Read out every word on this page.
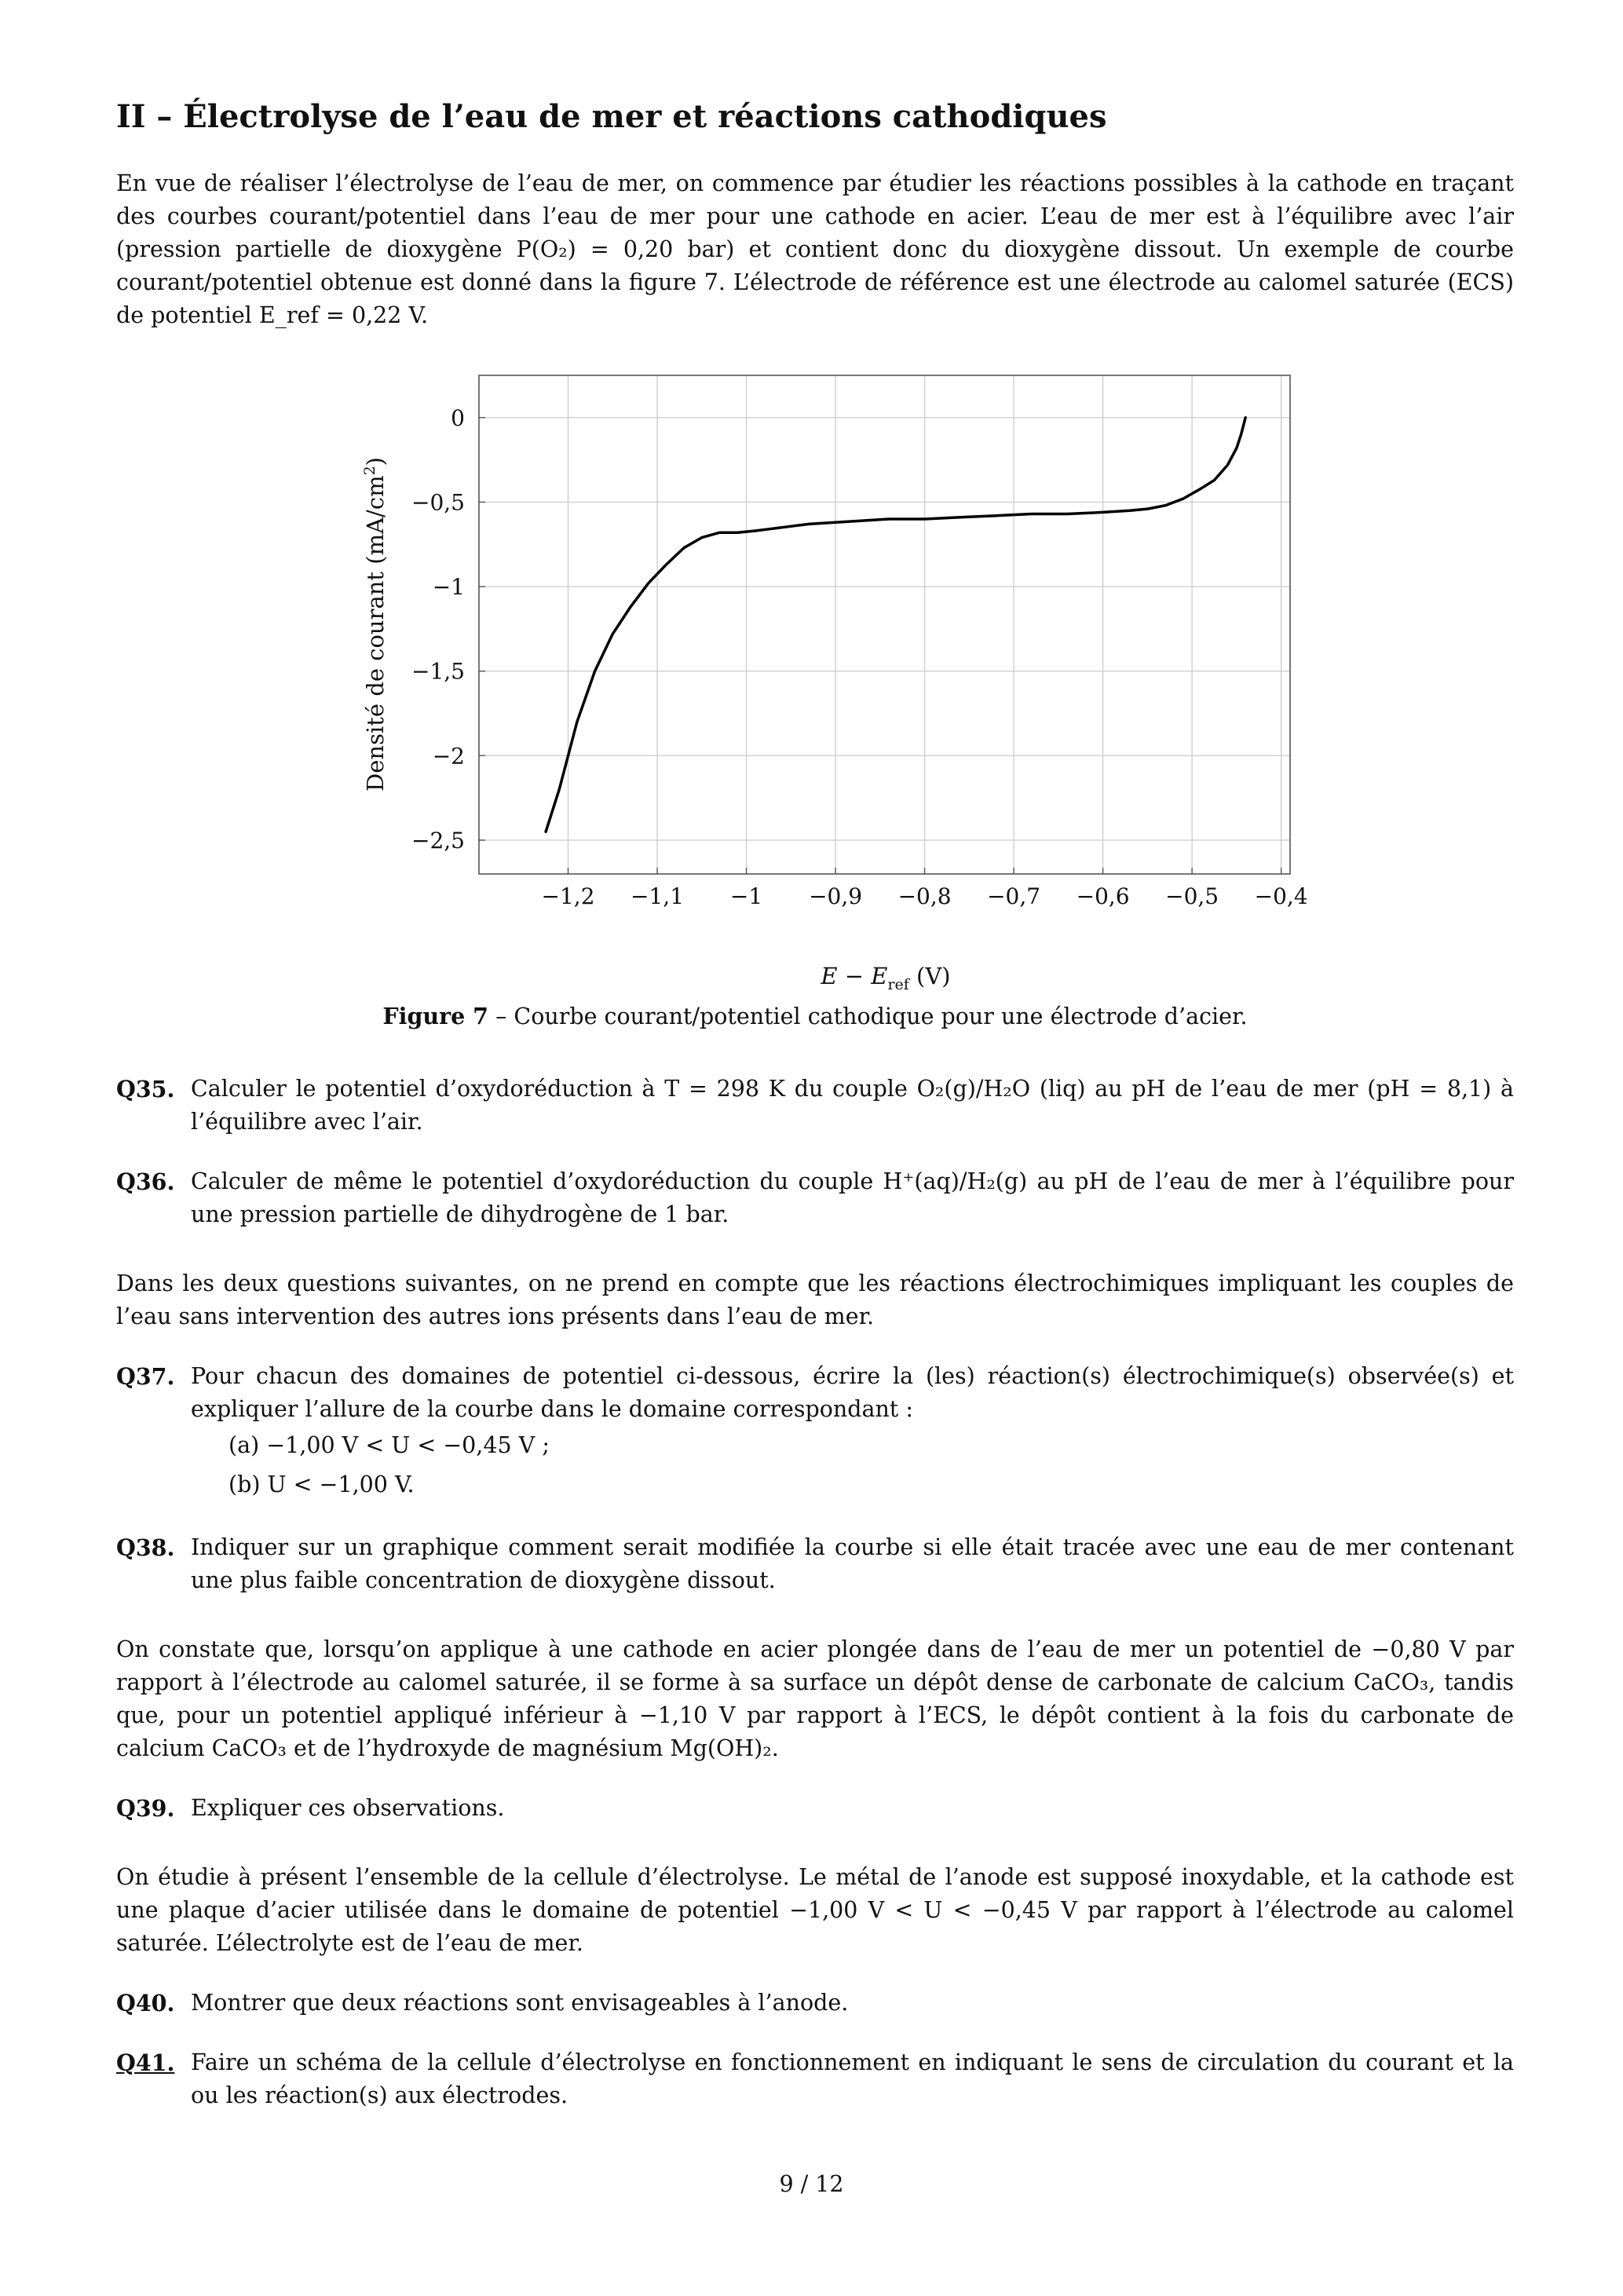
II – Électrolyse de l’eau de mer et réactions cathodiques

En vue de réaliser l’électrolyse de l’eau de mer, on commence par étudier les réactions possibles à la cathode en traçant des courbes courant/potentiel dans l’eau de mer pour une cathode en acier. L’eau de mer est à l’équilibre avec l’air (pression partielle de dioxygène P(O₂) = 0,20 bar) et contient donc du dioxygène dissout. Un exemple de courbe courant/potentiel obtenue est donné dans la figure 7. L’électrode de référence est une électrode au calomel saturée (ECS) de potentiel E_ref = 0,22 V.

0
−0,5
−1
−1,5
−2
−2,5
−1,2 −1,1 −1 −0,9 −0,8 −0,7 −0,6 −0,5 −0,4
Densité de courant $(mA/cm^2)$
$E - E_{ref}$ (V)

Figure 7 – Courbe courant/potentiel cathodique pour une électrode d’acier.

Q35. Calculer le potentiel d’oxydoréduction à T = 298 K du couple O₂(g)/H₂O (liq) au pH de l’eau de mer (pH = 8,1) à l’équilibre avec l’air.

Q36. Calculer de même le potentiel d’oxydoréduction du couple H⁺(aq)/H₂(g) au pH de l’eau de mer à l’équilibre pour une pression partielle de dihydrogène de 1 bar.

Dans les deux questions suivantes, on ne prend en compte que les réactions électrochimiques impliquant les couples de l’eau sans intervention des autres ions présents dans l’eau de mer.

Q37. Pour chacun des domaines de potentiel ci-dessous, écrire la (les) réaction(s) électrochimique(s) observée(s) et expliquer l’allure de la courbe dans le domaine correspondant :

(a) −1,00 V < U < −0,45 V ;
(b) U < −1,00 V.
Q38. Indiquer sur un graphique comment serait modifiée la courbe si elle était tracée avec une eau de mer contenant une plus faible concentration de dioxygène dissout.

On constate que, lorsqu’on applique à une cathode en acier plongée dans de l’eau de mer un potentiel de −0,80 V par rapport à l’électrode au calomel saturée, il se forme à sa surface un dépôt dense de carbonate de calcium CaCO₃, tandis que, pour un potentiel appliqué inférieur à −1,10 V par rapport à l’ECS, le dépôt contient à la fois du carbonate de calcium CaCO₃ et de l’hydroxyde de magnésium Mg(OH)₂.

Q39. Expliquer ces observations.

On étudie à présent l’ensemble de la cellule d’électrolyse. Le métal de l’anode est supposé inoxydable, et la cathode est une plaque d’acier utilisée dans le domaine de potentiel −1,00 V < U < −0,45 V par rapport à l’électrode au calomel saturée. L’électrolyte est de l’eau de mer.

Q40. Montrer que deux réactions sont envisageables à l’anode.

Q41. Faire un schéma de la cellule d’électrolyse en fonctionnement en indiquant le sens de circulation du courant et la ou les réaction(s) aux électrodes.

9 / 12
